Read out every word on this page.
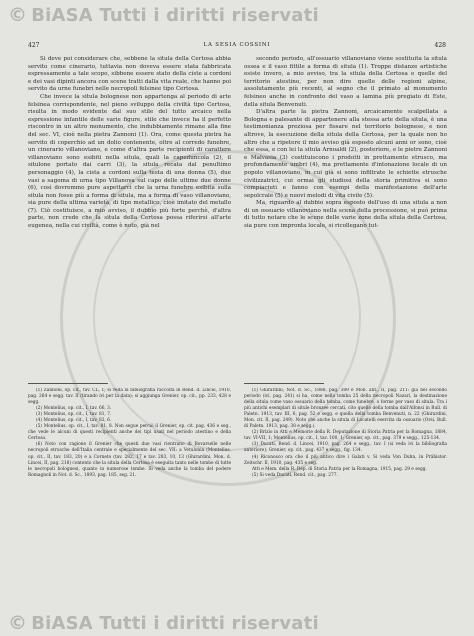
© BiASA Tutti i diritti riservati
427	LA SESIA COSSINI	428

Si deve poi considerare che, sebbene la situla della Certosa abbia servito come cinerario, tuttavia non doveva essere stata fabbricata espressamente a tale scopo, sibbene essere stato della ciste a cordoni e dei vasi dipinti ancora con scene tratti dalla vita reale, che hanno poi servito da urne funebri nelle necropoli felsinee tipo Certosa.

Che invece la situla bolognese non appartenga al periodo di arte felsinea corrispondente, nel pieno sviluppo della civiltà tipo Certosa, risulta in modo evidente dal suo stile del tutto arcaico nella espressione infantile delle varie figure, stile che invece ha il perfetto riscontro in un altro monumento, che indubbiamente rimane alla fine del sec. VI, cioè nella pietra Zannoni (1). Ora, come questa pietra ha servito di coperchio ad un dolio contenente, oltre al corredo funebre, un cinerario villanoviano, e come d'altra parte recipienti di carattere villanoviano sono esibiti nella situla, quali la capeduncola (2), il situlone portato dai carri (3), la situla recata dal penultimo personaggio (4), la cista a cordoni sulla testa di una donna (5), due vasi a sagoma di urna tipo Villanova sul capo delle ultime due donne (6), così dovremmo pure aspettarci che la urna funebre esibita sulla situla non fosse più a forma di situla, ma a forma di vaso villanoviano, sia pure della ultima varietà, di tipo metallico, cioè imitato del metallo (7). Ciò costituisce, a mio avviso, il dubbio più forte perchè, d'altra parte, non crede che la situla della Certosa possa riferirsi all'arte eugenea, nella cui civiltà, come è noto, già nel

secondo periodo, all'ossuario villanoviano viene sostituita la situla ossea e il vaso fittile a forma di situla (1). Troppe distanze artistiche esiste invero, a mio avviso, tra la situla della Certosa e quelle del territorio atestino, per non dire quelle delle regioni alpine, assolutamente più recenti, al segno che il primato al monumento felsineo anche in confronto del vaso a lamina più pregiato di Este, della situla Benvenuti.

D'altra parte la pietra Zannoni, arcaicamente scalpellata a Bologna e palesante di appartenere alla stessa arte della situla, è una testimonianza preziosa per fissare nel territorio bolognese, e non altrove, la esecuzione della situla della Certosa, per la quale non ho altro che a ripetere il mio avviso già esposto alcuni anni or sono, cioè che essa, e con lei la situla Arnoaldi (2), posteriore, e le pietre Zannoni e Malvasia (3) costituiscono i prodotti in prettamente etrusco, ma profondamente umbri (4), ma prettamente d'intonazione locale di un popolo villanoviano, in cui già si sono infiltrate le schiette etrusche civilizzatrici, cui ormai gli studiosi della storia primitiva si sono compiaciuti e fanno con esempi della manifestazione dell'arte sepolcrale (5) e nuovi melodi di vita civile (5).

Ma, riguardo al dubbio sopra esposto dell'uso di una situla a non di un ossuario villanoviano nella scena della processione, si può prima di tutto notare che le scene delle varie zone della situla della Certosa, sia pure con impronta locale, si ricollegano tut-

(1) Zannoni, op. cit., tav. CL, 1; si veda la bibliografia raccolta in Rend. d. Lincei, 1910, pag. 264 e segg. tav. II (tirando ivi per la data); si aggiunga Grenier, op. cit., pp. 233, 428 e segg.

(2) Montelius, op. cit., I, tav. 66, 3.

(3) Montelius, op. cit., I, tav. 81, 7.

(4) Montelius, op. cit., I, tav. 82, 6.

(5) Montelius, op. cit., I, tav. 81, 8. Non segue perciò il Grenier, op. cit. pag. 436 e seg., che vede le alcuni di questi recipienti anche dei tipi usati nel periodo atestino e della Certosa.

(6) Noto con ragione il Grenier che questi due vasi rientrano di Bovarselle nelle necropoli etrusche dell'Italia centrale e specialmente del sec. VII: a Vetulonia (Montelius, op. cit., II, tav. 183, 20) e a Corneto (tav. 282, 17 e tav. 283, 10, 13 (Ghirardini, Mon. d. Lincei, II, pag. 218) contento che la situla della Certosa è eseguita tanto nelle tombe di tutte le necropoli bolognesi, quanto in numerose tombe. Si veda anche la tomba del podere Romagnoli in Not. d. Sc., 1893, pag. 185, seg. 21.

(1) Ghirardini, Not. d. Sc., 1888, pag. 389 e Mon. ant., II, pag. 211: già nel secondo periodo (ivi, pag. 241) si ha, come nella tomba 25 della necropoli Nazari, la destinazione della situla come vaso ossuario della tomba, come funebre, o forme per vaso di situla. Tra i più antichi esemplari di situle bronzee cercati, cito quello della tomba dall'Alfonsi in Bull. di Paletn. 1913, tav. III, 6, pag. 52 e segg. e quella della tomba Benvenuti, n. 22 (Ghirardini, Mon. cit. II, pag. 249). Noto che anche la situla di Locatelli esercita da ossuario (Orsi, Bull. di Paletn. 1913, pag. 38 e segg.).

(2) Brizio in Atti e Memorie della R. Deputazione di Storia Patria per la Romagna, 1884, tav. VI-VII, 1; Montelius, op. cit., I, tav. 100, 1; Grenier, op. cit., pag. 379 e segg., 125-134.

(3) Ducati, Rend. d. Lincei, 1910, pag. 264 e segg., tav. I (si veda ivi la bibliografia anteriore); Grenier, op. cit., pag. 437 e segg., fig. 134.

(4) Riconosco ora che il più antico dire i Galati v. Si veda Von Duhn, in Prähistor. Zeitschr. II, 1910, pag. 435 e seg.

Atti e Mem. della R. Dep. di Storia Patria per la Romagna, 1915, pag. 29 e segg.

(5) Si veda Ducati, Rend. cit., pag. 277.

© BiASA Tutti i diritti riservati
